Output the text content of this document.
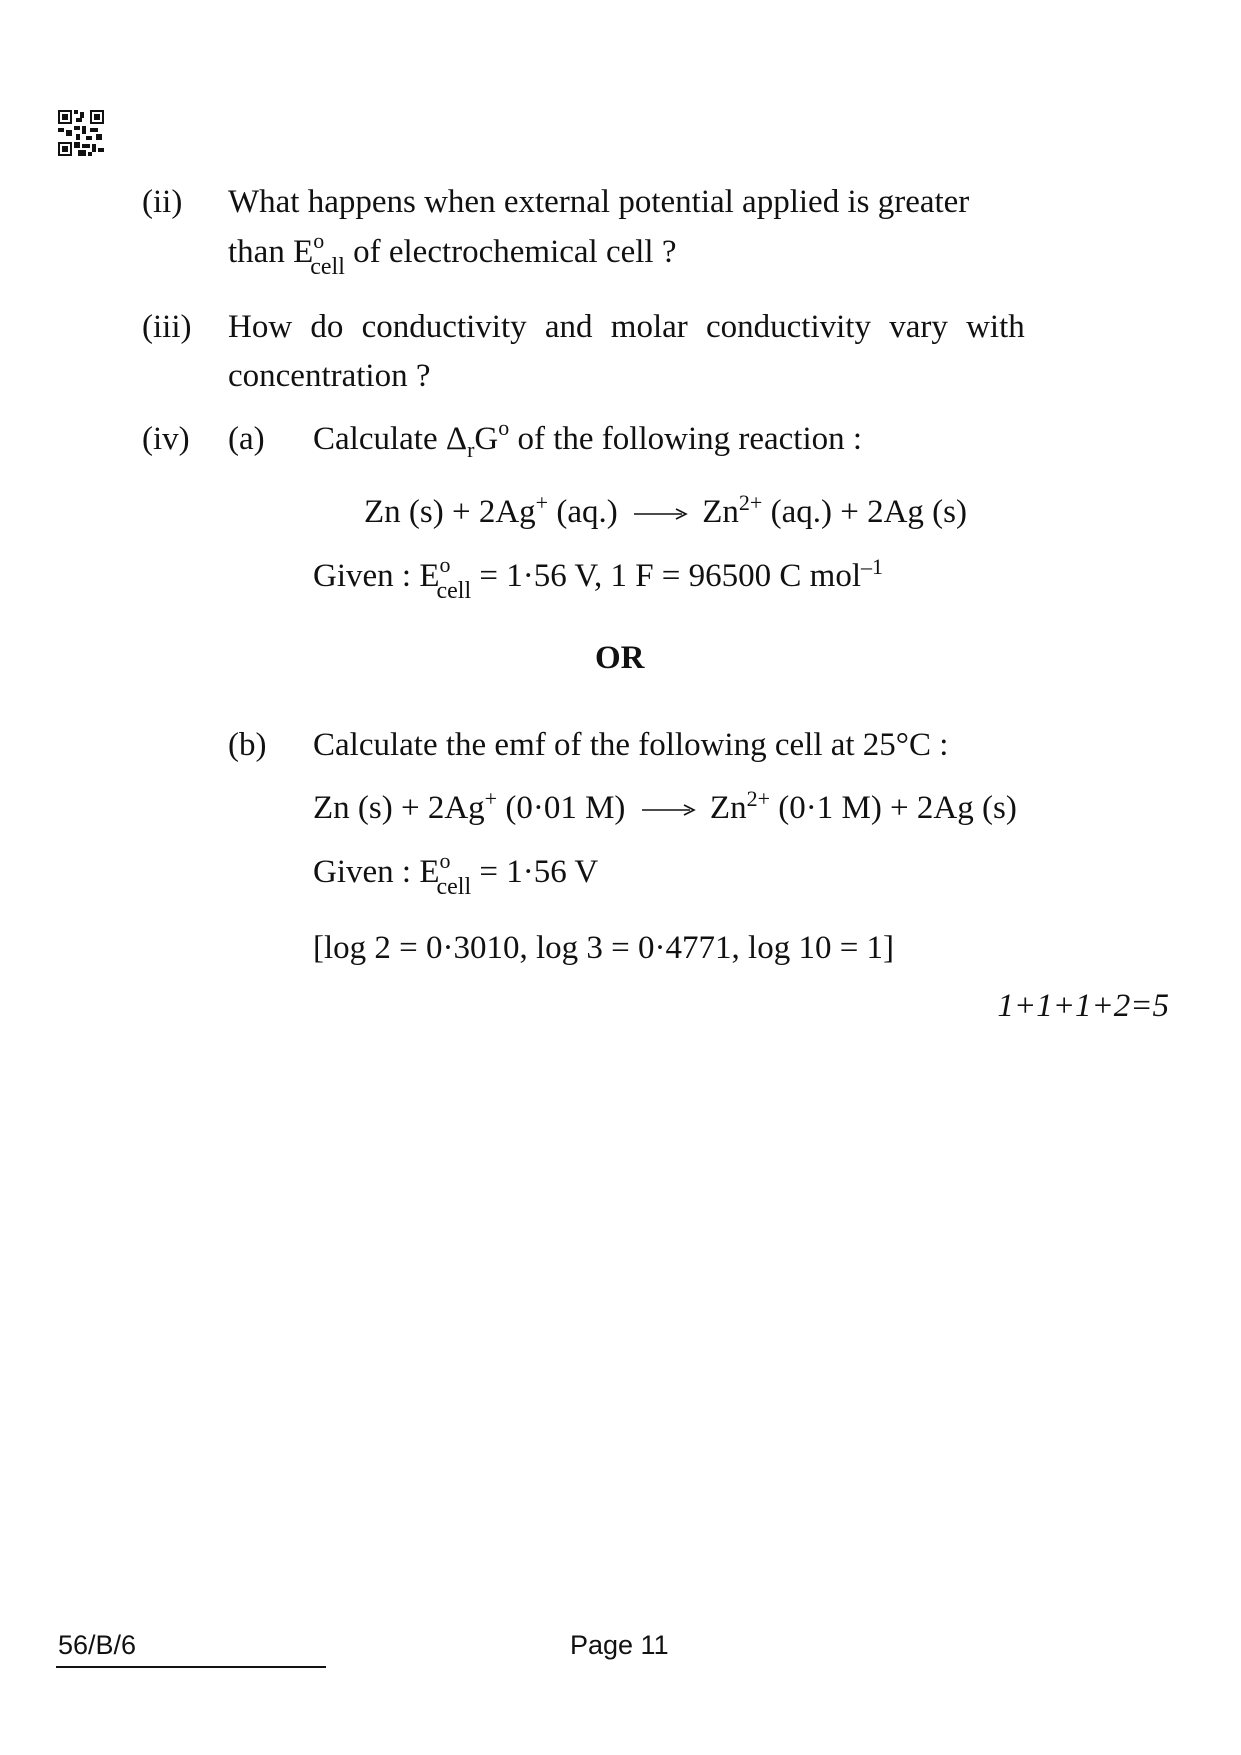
(ii) What happens when external potential applied is greater
than $E^o_{cell}$ of electrochemical cell ?
(iii) How do conductivity and molar conductivity vary with
concentration ?
(iv) (a) Calculate $\Delta_rG^o$ of the following reaction :
Zn (s) + 2Ag+ $(aq.) \to Zn^{2+}$ (aq.) + 2Ag (s)
Given : $E^o_{cell} = 1\cdot 56$ V, 1 F = 96500 C mol$^{-1}$
OR
(b) Calculate the emf of the following cell at 25°C :
Zn (s) + 2Ag+ (0·01 $M) \to Zn^{2+}$ (0·1 M) + 2Ag (s)
Given : $E^o_{cell} = 1\cdot 56$ V
[log 2 = 0·3010, log 3 = 0·4771, log 10 = 1]
1+1+1+2=5
56/B/6	Page 11
